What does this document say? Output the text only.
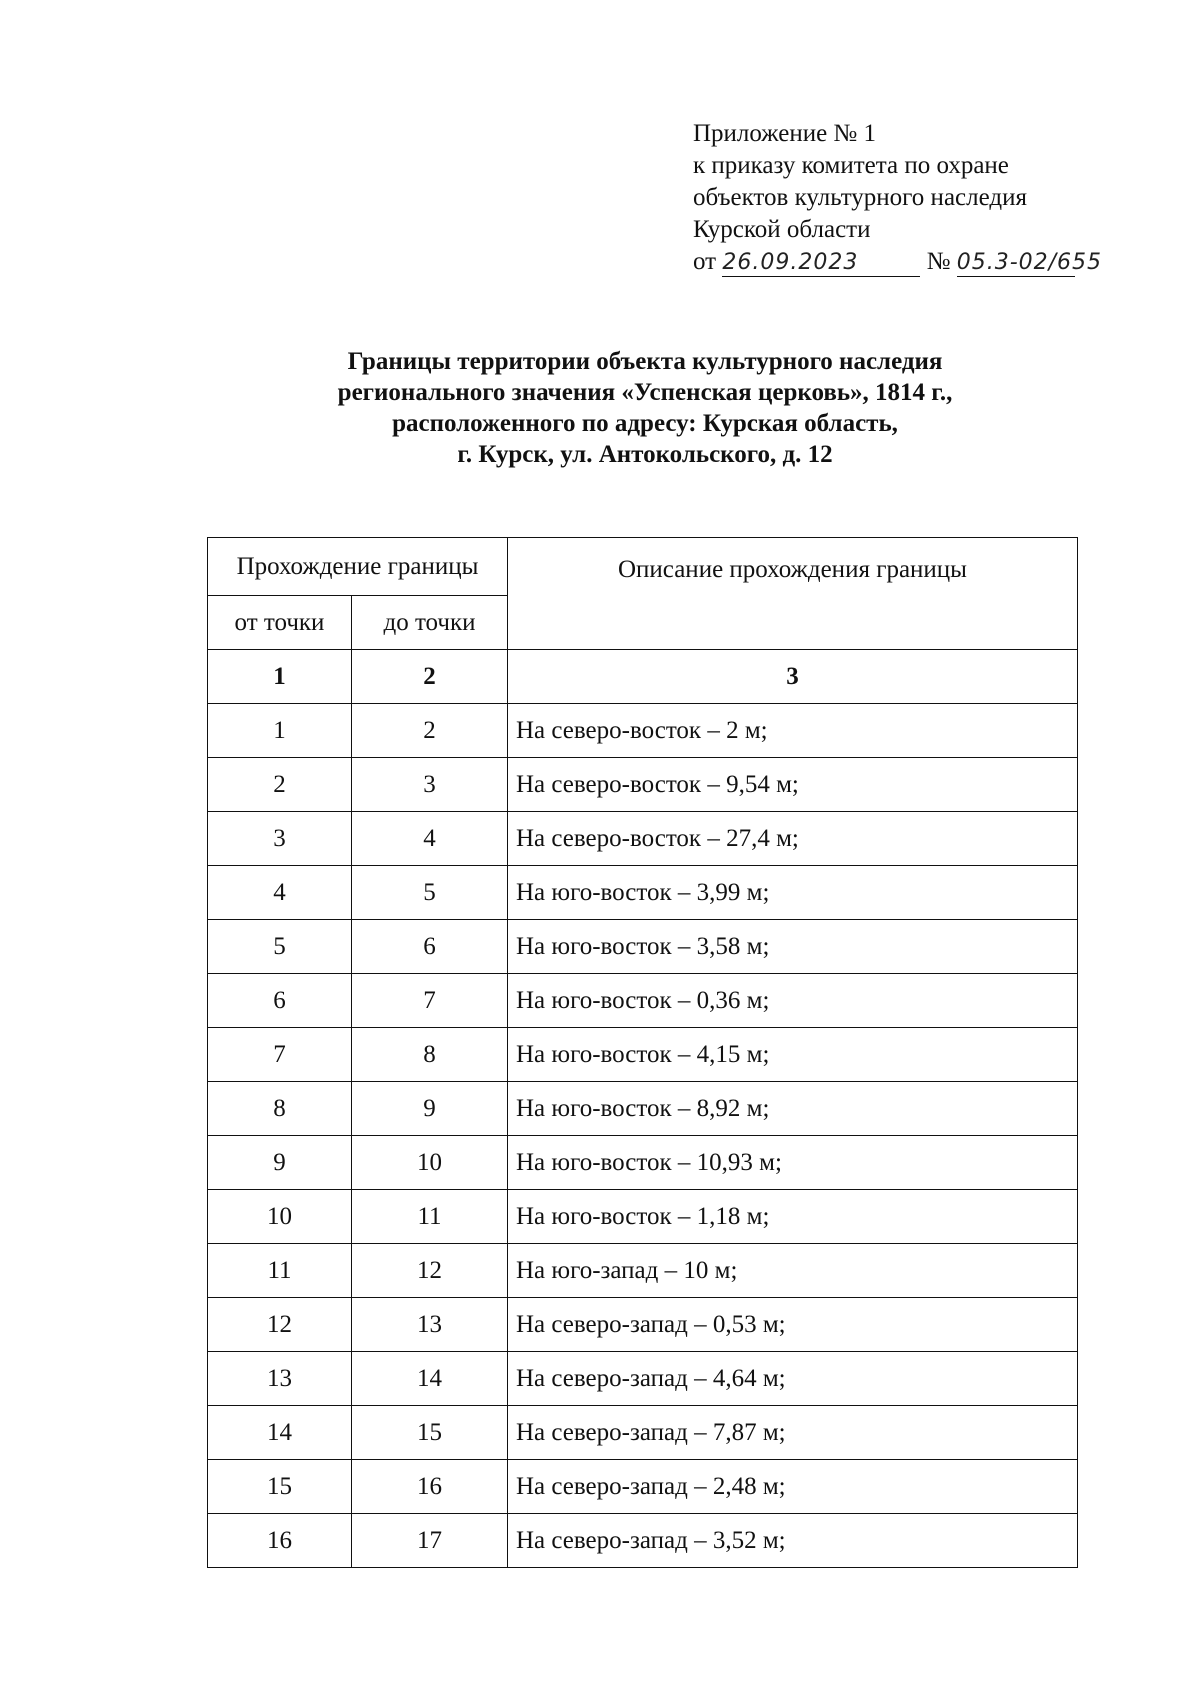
Приложение № 1
к приказу комитета по охране
объектов культурного наследия
Курской области
от 26.09.2023	№ 05.3-02/655
Границы территории объекта культурного наследия
регионального значения «Успенская церковь», 1814 г.,
расположенного по адресу: Курская область,
г. Курск, ул. Антокольского, д. 12
Прохождение границы		Описание прохождения границы
от точки	до точки	
1	2	3
1	2	На северо-восток – 2 м;
2	3	На северо-восток – 9,54 м;
3	4	На северо-восток – 27,4 м;
4	5	На юго-восток – 3,99 м;
5	6	На юго-восток – 3,58 м;
6	7	На юго-восток – 0,36 м;
7	8	На юго-восток – 4,15 м;
8	9	На юго-восток – 8,92 м;
9	10	На юго-восток – 10,93 м;
10	11	На юго-восток – 1,18 м;
11	12	На юго-запад – 10 м;
12	13	На северо-запад – 0,53 м;
13	14	На северо-запад – 4,64 м;
14	15	На северо-запад – 7,87 м;
15	16	На северо-запад – 2,48 м;
16	17	На северо-запад – 3,52 м;
